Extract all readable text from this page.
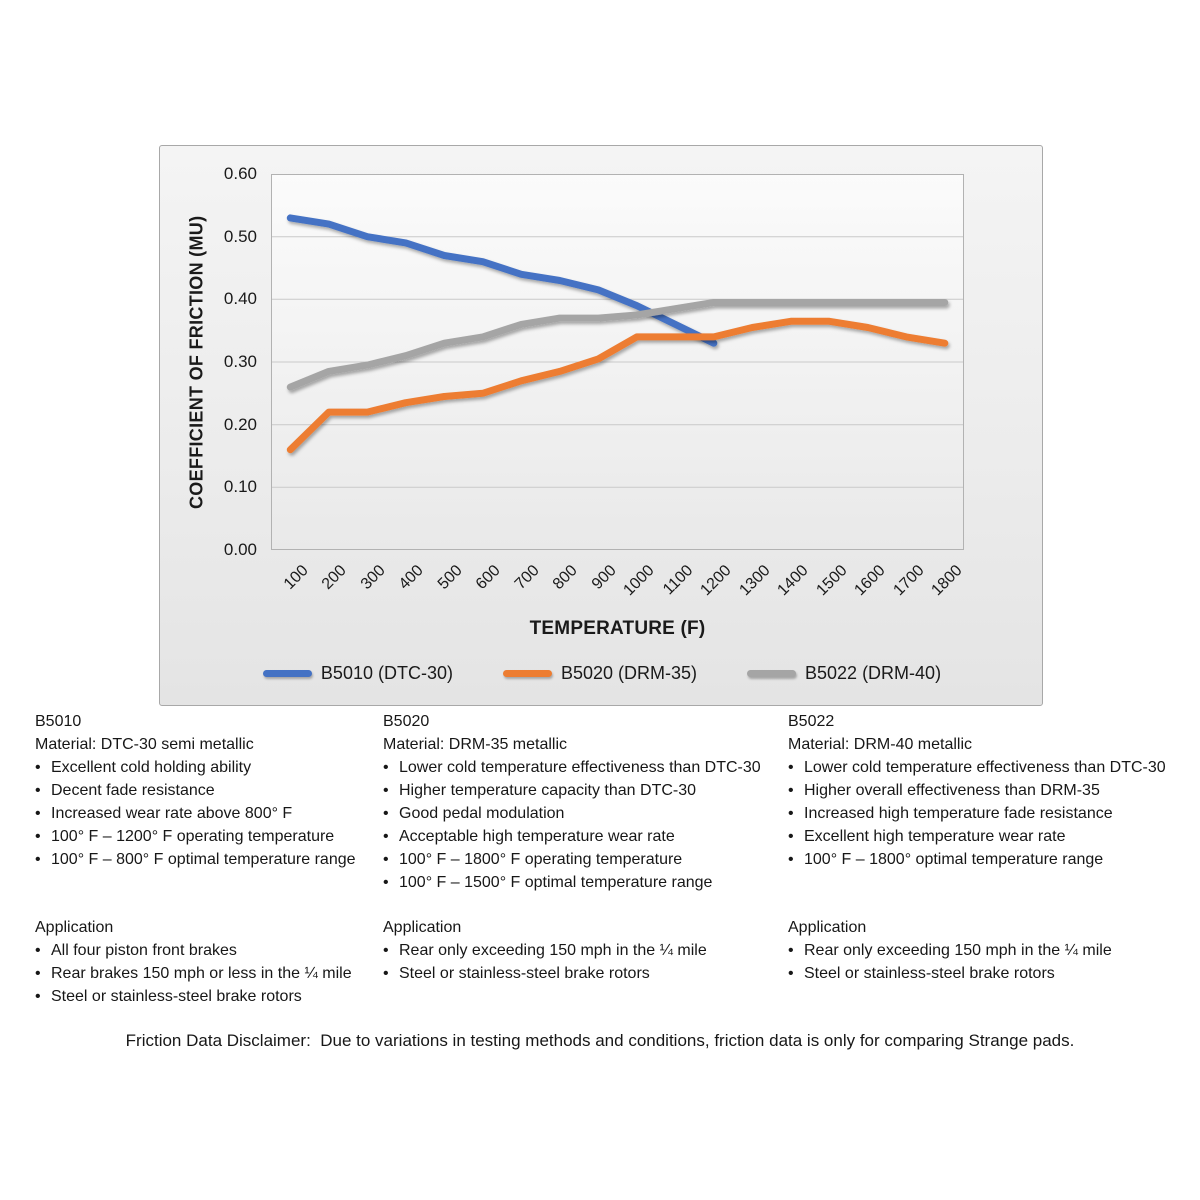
COEFFICIENT OF FRICTION (MU)
0.00
0.10
0.20
0.30
0.40
0.50
0.60
100 200 300 400 500 600 700 800 900 1000 1100 1200 1300 1400 1500 1600 1700 1800
TEMPERATURE (F)
B5010 (DTC-30)	B5020 (DRM-35)	B5022 (DRM-40)
B5010
Material: DTC-30 semi metallic
• Excellent cold holding ability
• Decent fade resistance
• Increased wear rate above 800° F
• 100° F – 1200° F operating temperature
• 100° F – 800° F optimal temperature range
B5020
Material: DRM-35 metallic
• Lower cold temperature effectiveness than DTC-30
• Higher temperature capacity than DTC-30
• Good pedal modulation
• Acceptable high temperature wear rate
• 100° F – 1800° F operating temperature
• 100° F – 1500° F optimal temperature range
B5022
Material: DRM-40 metallic
• Lower cold temperature effectiveness than DTC-30
• Higher overall effectiveness than DRM-35
• Increased high temperature fade resistance
• Excellent high temperature wear rate
• 100° F – 1800° optimal temperature range
Application
• All four piston front brakes
• Rear brakes 150 mph or less in the ¼ mile
• Steel or stainless-steel brake rotors
Application
• Rear only exceeding 150 mph in the ¼ mile
• Steel or stainless-steel brake rotors
Application
• Rear only exceeding 150 mph in the ¼ mile
• Steel or stainless-steel brake rotors
Friction Data Disclaimer:  Due to variations in testing methods and conditions, friction data is only for comparing Strange pads.
